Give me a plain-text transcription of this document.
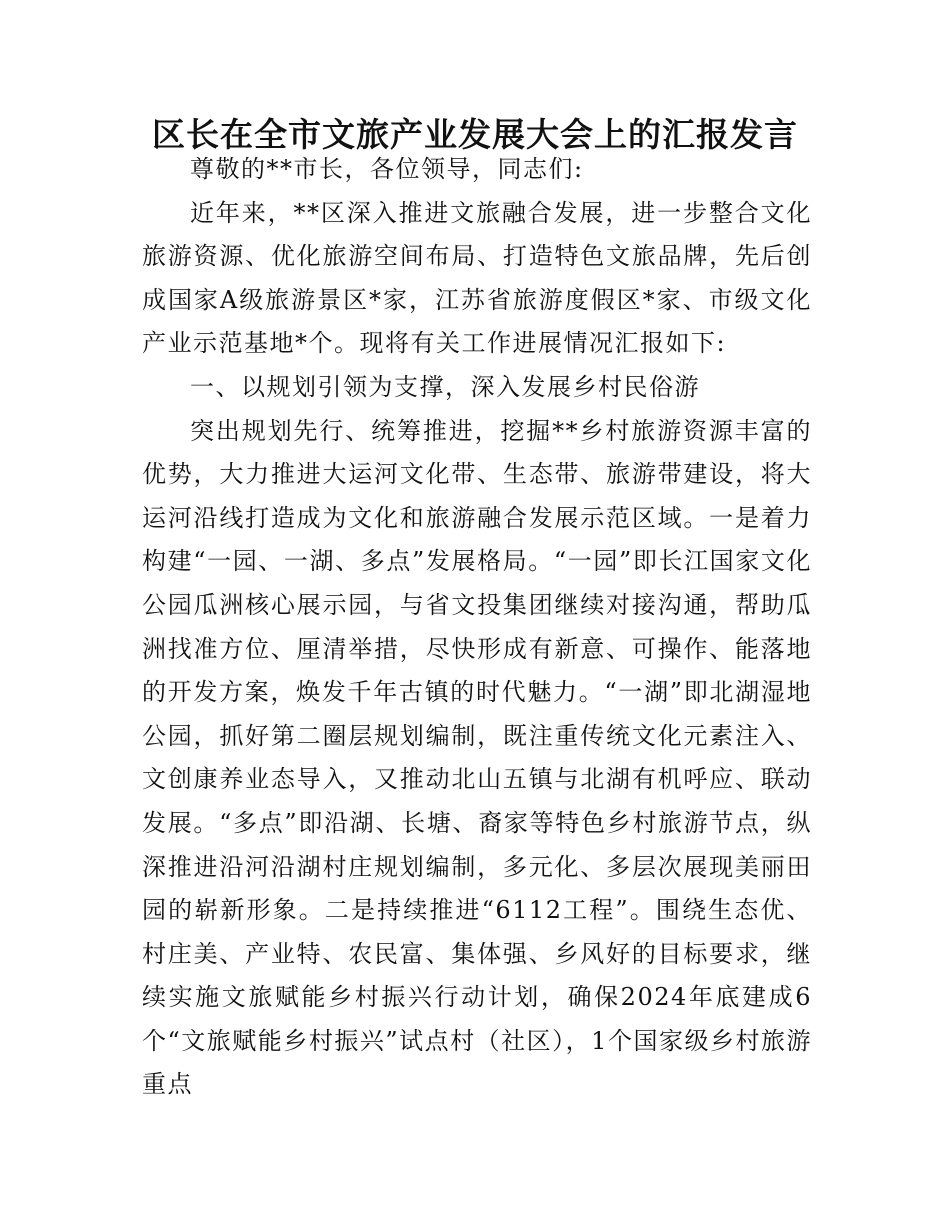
区长在全市文旅产业发展大会上的汇报发言

尊敬的**市长，各位领导，同志们:

近年来，**区深入推进文旅融合发展，进一步整合文化旅游资源、优化旅游空间布局、打造特色文旅品牌，先后创成国家A级旅游景区*家，江苏省旅游度假区*家、市级文化产业示范基地*个。现将有关工作进展情况汇报如下:

一、以规划引领为支撑，深入发展乡村民俗游

突出规划先行、统筹推进，挖掘**乡村旅游资源丰富的优势，大力推进大运河文化带、生态带、旅游带建设，将大运河沿线打造成为文化和旅游融合发展示范区域。一是着力构建“一园、一湖、多点”发展格局。“一园”即长江国家文化公园瓜洲核心展示园，与省文投集团继续对接沟通，帮助瓜洲找准方位、厘清举措，尽快形成有新意、可操作、能落地的开发方案，焕发千年古镇的时代魅力。“一湖”即北湖湿地公园，抓好第二圈层规划编制，既注重传统文化元素注入、文创康养业态导入，又推动北山五镇与北湖有机呼应、联动发展。“多点”即沿湖、长塘、裔家等特色乡村旅游节点，纵深推进沿河沿湖村庄规划编制，多元化、多层次展现美丽田园的崭新形象。二是持续推进“6112工程”。围绕生态优、村庄美、产业特、农民富、集体强、乡风好的目标要求，继续实施文旅赋能乡村振兴行动计划，确保2024年底建成6个“文旅赋能乡村振兴”试点村（社区），1个国家级乡村旅游重点
